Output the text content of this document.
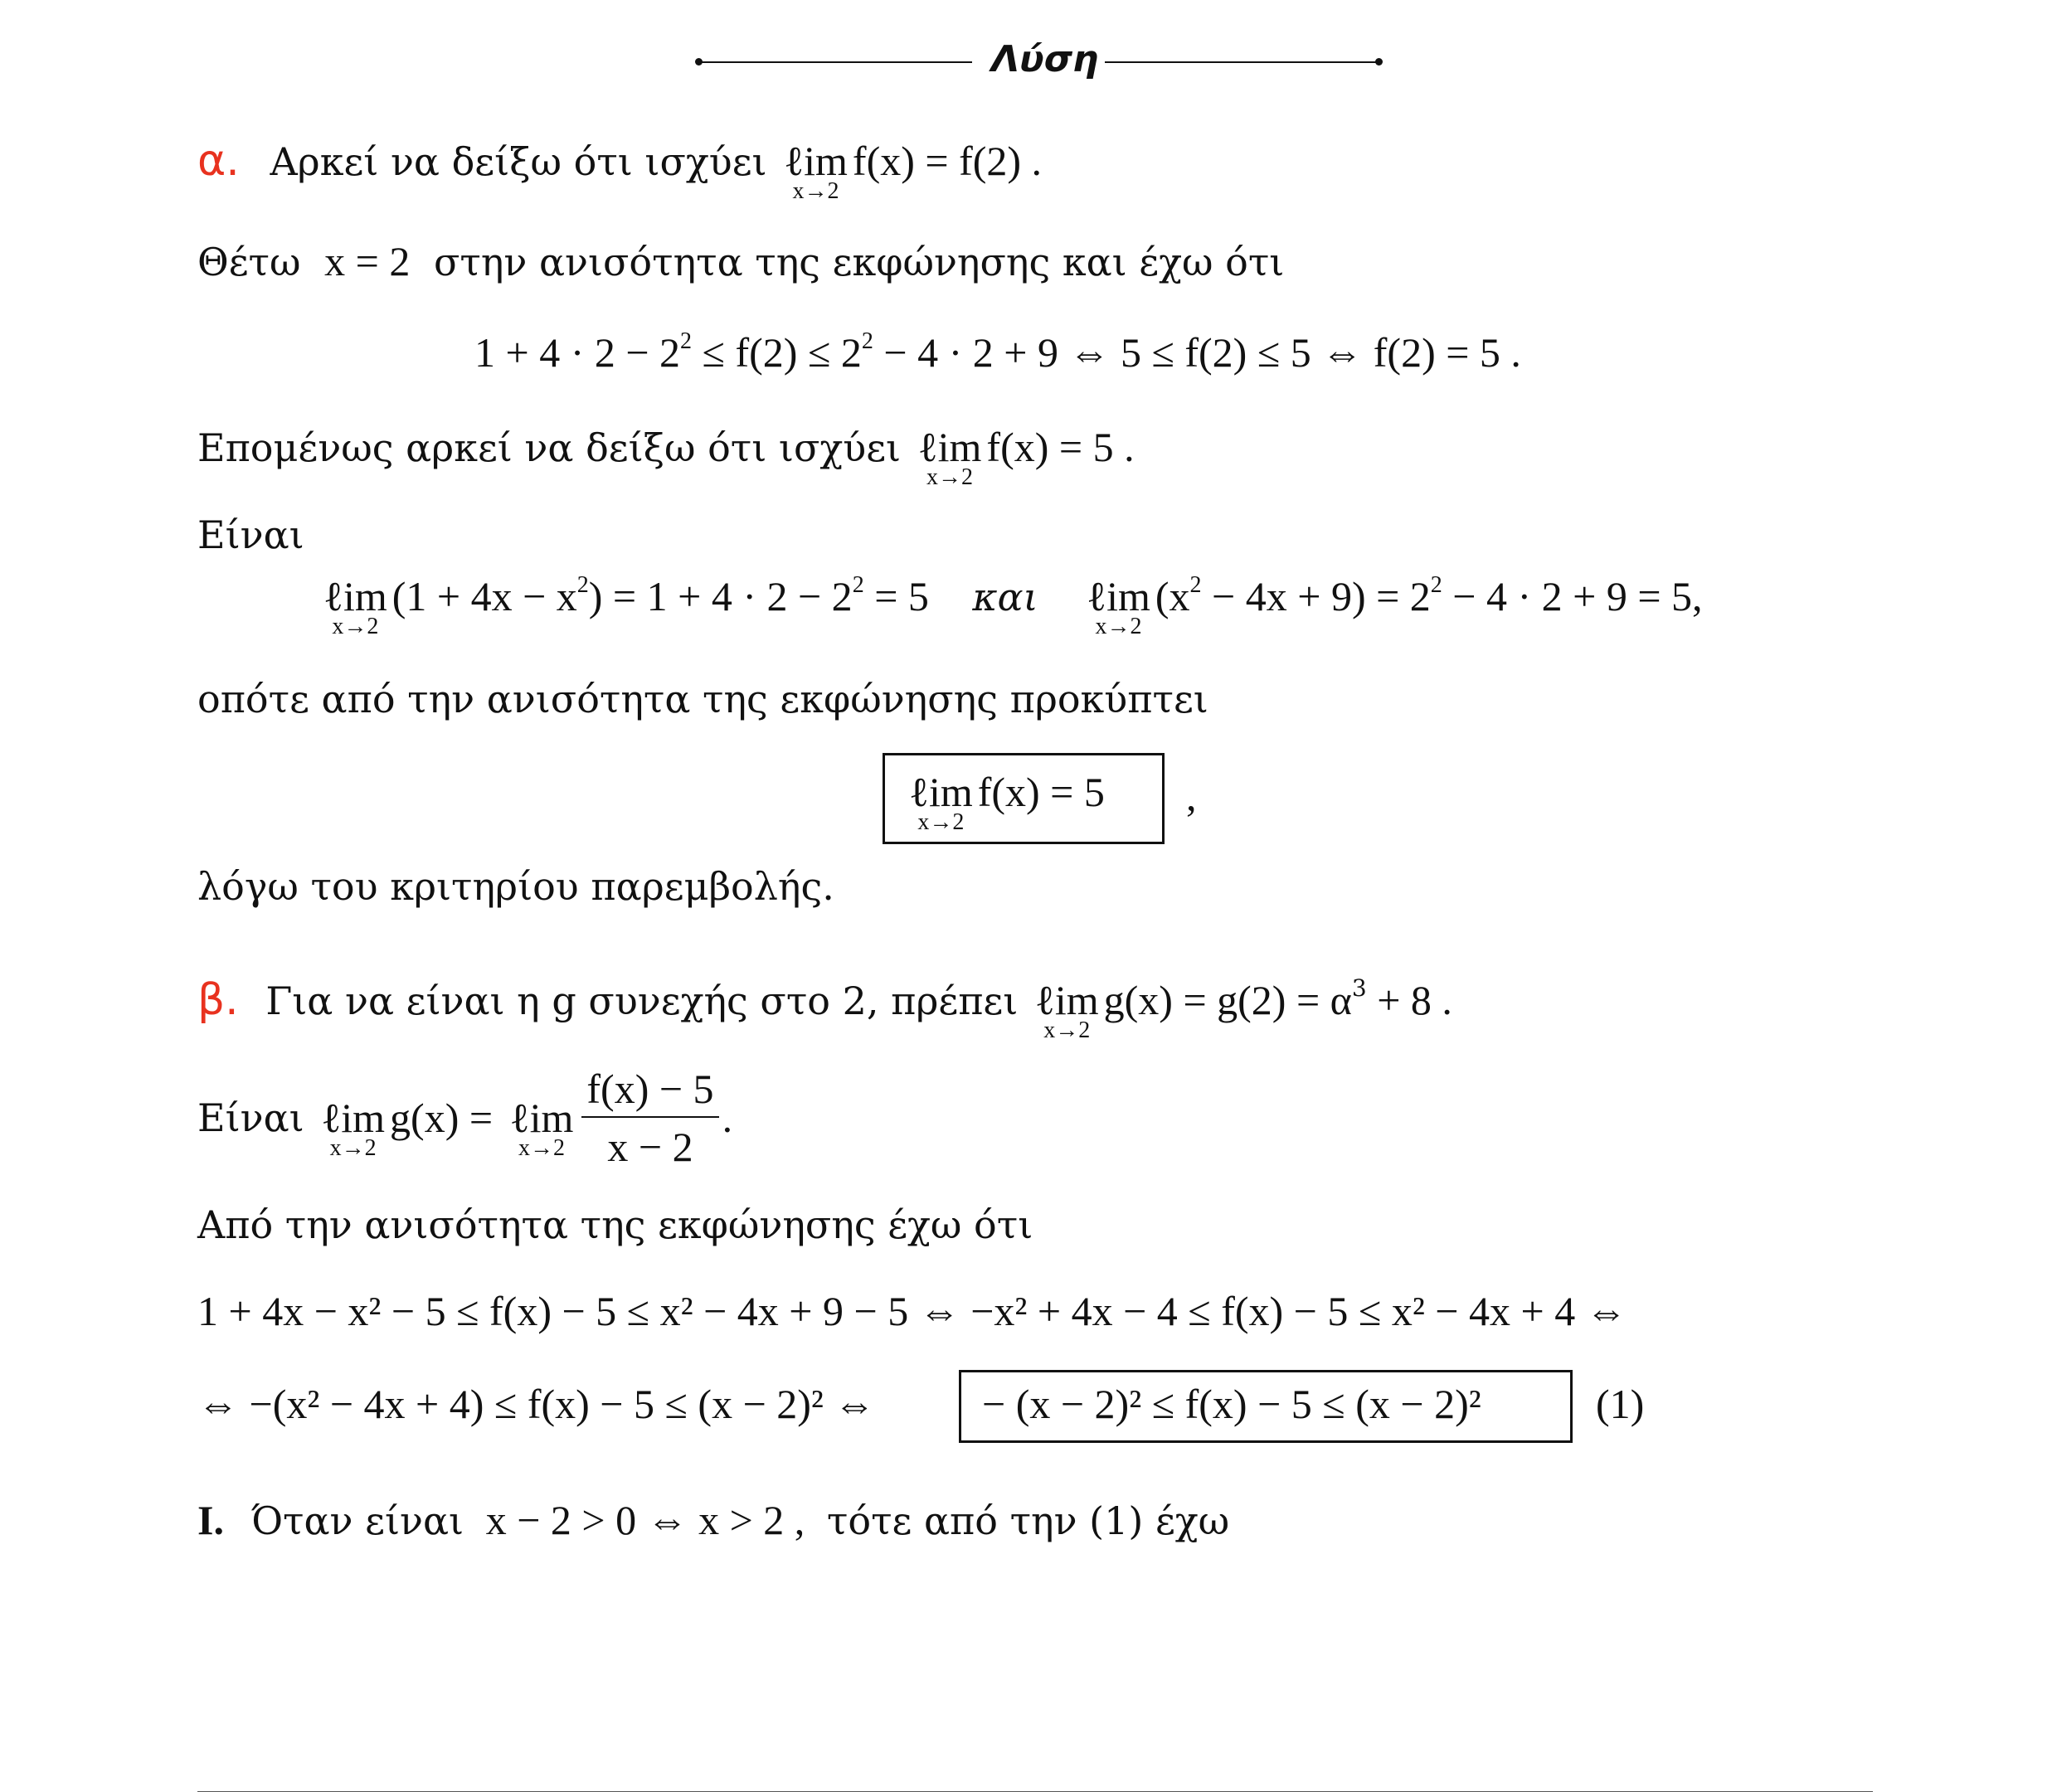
Λύση
α. Αρκεί να δείξω ότι ισχύει ℓim
x→2
f(x) = f(2) .
Θέτω x = 2 στην ανισότητα της εκφώνησης και έχω ότι
$1 + 4 \cdot 2 - 2^2 \le f(2) \le 2^2 - 4 \cdot 2 + 9$ ⇔ 5 ≤ f(2) ≤ 5 ⇔ f(2) = 5 .
Επομένως αρκεί να δείξω ότι ισχύει ℓim
x→2
f(x) = 5 .
Είναι
ℓim
x→2
$(1 + 4x - x^2) = 1 + 4 \cdot 2 - 2^2 = 5$ και ℓim
x→2
$(x^2 - 4x + 9) = 2^2 - 4 \cdot 2 + 9 = 5$,
οπότε από την ανισότητα της εκφώνησης προκύπτει
ℓim
x→2
f(x) = 5 ,
λόγω του κριτηρίου παρεμβολής.
β. Για να είναι η g συνεχής στο 2, πρέπει ℓim
x→2
$g(x) = g(2) = \alpha^3 + 8$ .
Είναι ℓim
x→2
g(x) = ℓim
$x\to 2 \frac{f(x) - 5}{x - 2}$ .
Από την ανισότητα της εκφώνησης έχω ότι
1 + 4x − x² − 5 ≤ f(x) − 5 ≤ x² − 4x + 9 − 5 ⇔ −x² + 4x − 4 ≤ f(x) − 5 ≤ x² − 4x + 4 ⇔
⇔ −(x² − 4x + 4) ≤ f(x) − 5 ≤ (x − 2)² ⇔	− (x − 2)² ≤ f(x) − 5 ≤ (x − 2)²	(1)
Ι. Όταν είναι x − 2 > 0 ⇔ x > 2 , τότε από την (1) έχω
